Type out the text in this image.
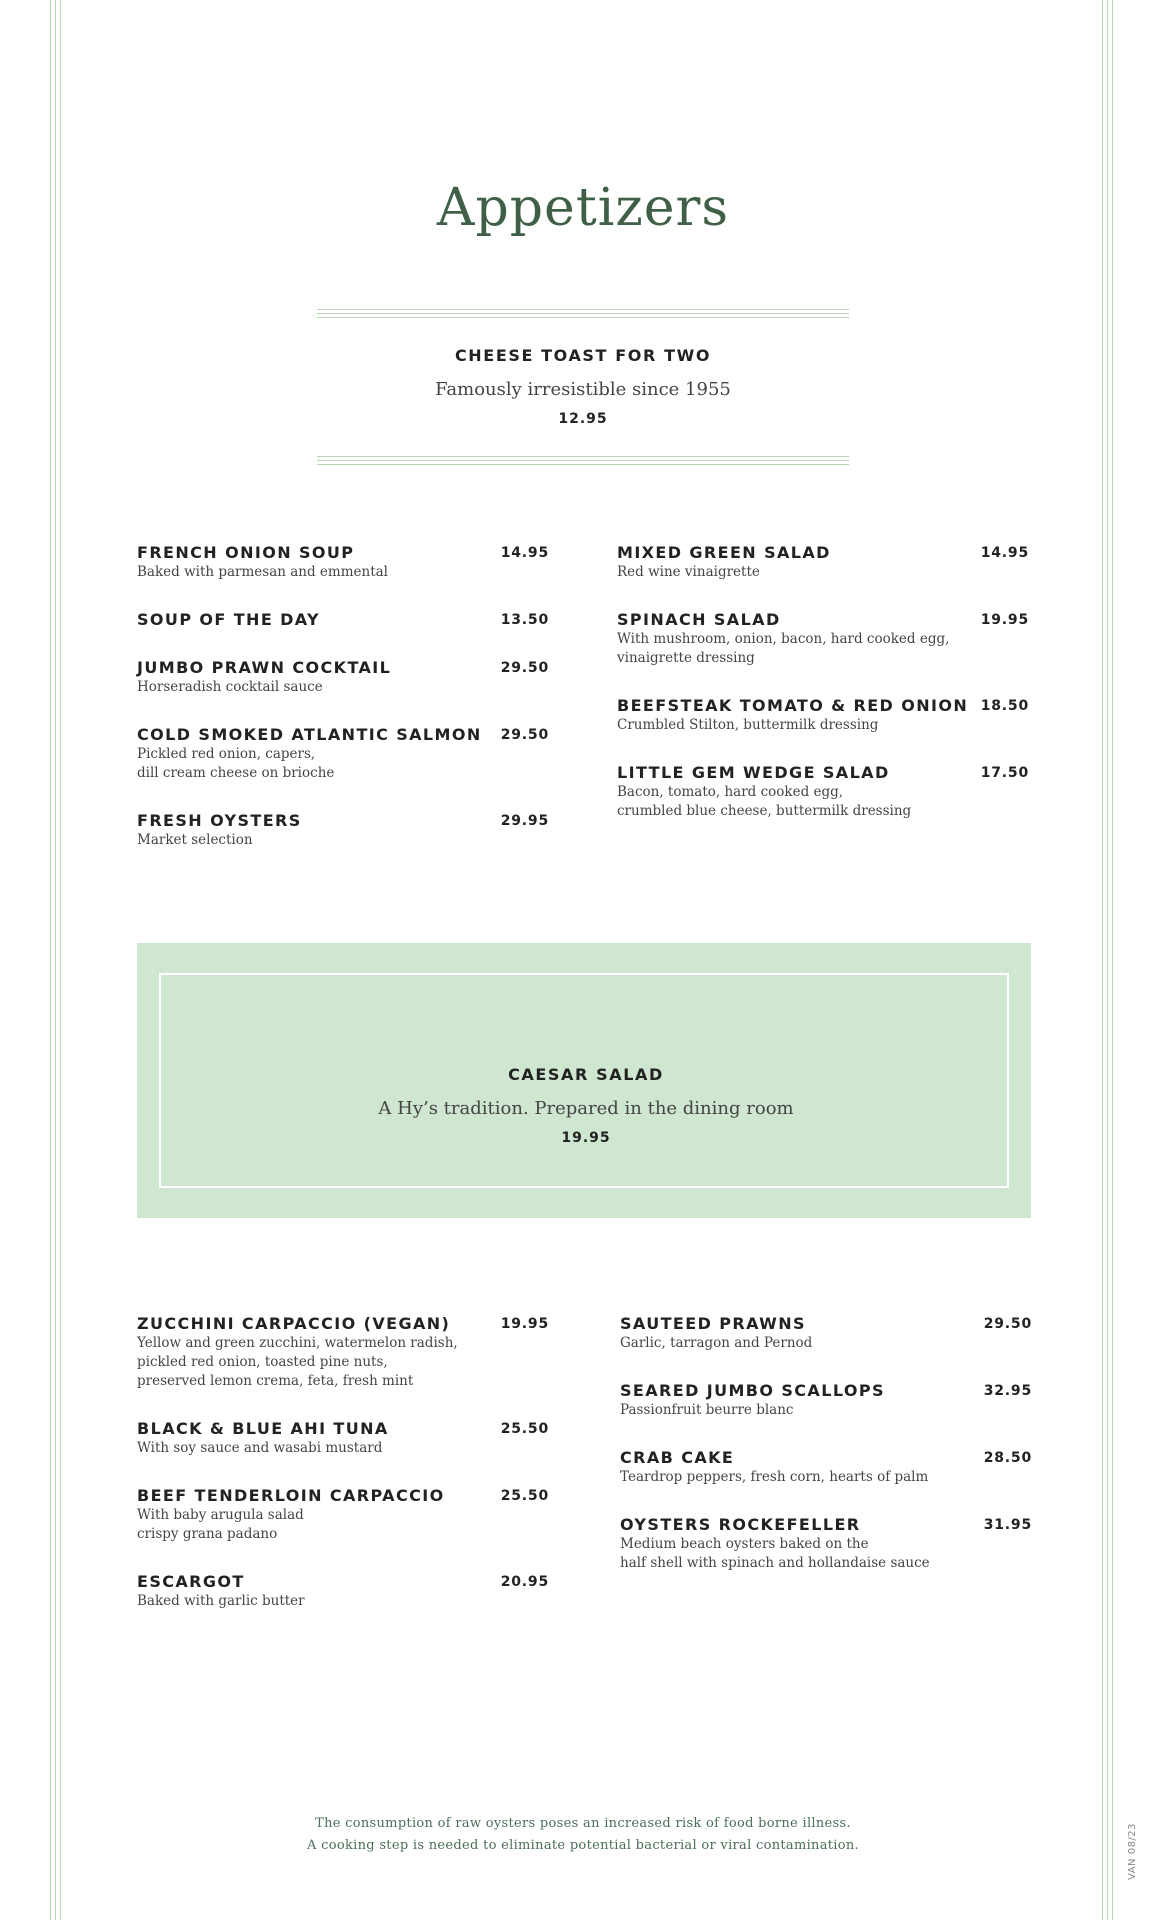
Appetizers
CHEESE TOAST FOR TWO
Famously irresistible since 1955
12.95
FRENCH ONION SOUP	14.95
Baked with parmesan and emmental
SOUP OF THE DAY	13.50
JUMBO PRAWN COCKTAIL	29.50
Horseradish cocktail sauce
COLD SMOKED ATLANTIC SALMON	29.50
Pickled red onion, capers,
dill cream cheese on brioche
FRESH OYSTERS	29.95
Market selection
MIXED GREEN SALAD	14.95
Red wine vinaigrette
SPINACH SALAD	19.95
With mushroom, onion, bacon, hard cooked egg,
vinaigrette dressing
BEEFSTEAK TOMATO & RED ONION 18.50
Crumbled Stilton, buttermilk dressing
LITTLE GEM WEDGE SALAD	17.50
Bacon, tomato, hard cooked egg,
crumbled blue cheese, buttermilk dressing
CAESAR SALAD
A Hy’s tradition. Prepared in the dining room
19.95
ZUCCHINI CARPACCIO (VEGAN)	19.95
Yellow and green zucchini, watermelon radish,
pickled red onion, toasted pine nuts,
preserved lemon crema, feta, fresh mint
BLACK & BLUE AHI TUNA	25.50
With soy sauce and wasabi mustard
BEEF TENDERLOIN CARPACCIO	25.50
With baby arugula salad
crispy grana padano
ESCARGOT	20.95
Baked with garlic butter
SAUTEED PRAWNS	29.50
Garlic, tarragon and Pernod
SEARED JUMBO SCALLOPS	32.95
Passionfruit beurre blanc
CRAB CAKE	28.50
Teardrop peppers, fresh corn, hearts of palm
OYSTERS ROCKEFELLER	31.95
Medium beach oysters baked on the
half shell with spinach and hollandaise sauce
The consumption of raw oysters poses an increased risk of food borne illness.
A cooking step is needed to eliminate potential bacterial or viral contamination.	VAN 08/23
